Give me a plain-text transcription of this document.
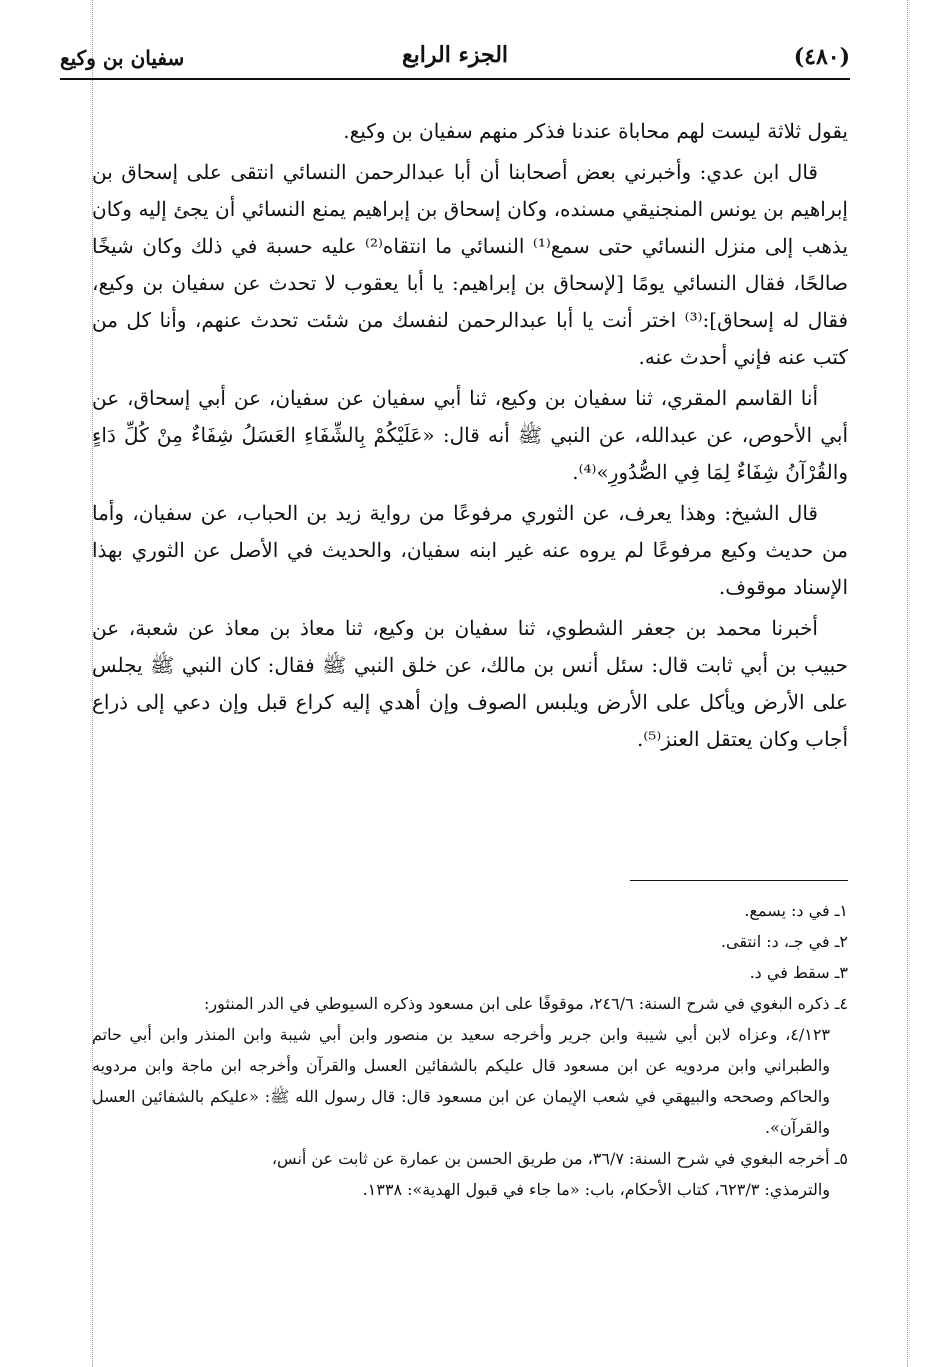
(٤٨٠)
الجزء الرابع
سفيان بن وكيع

يقول ثلاثة ليست لهم محاباة عندنا فذكر منهم سفيان بن وكيع.

قال ابن عدي: وأخبرني بعض أصحابنا أن أبا عبدالرحمن النسائي انتقى على إسحاق بن إبراهيم بن يونس المنجنيقي مسنده، وكان إسحاق بن إبراهيم يمنع النسائي أن يجئ إليه وكان يذهب إلى منزل النسائي حتى سمع⁽¹⁾ النسائي ما انتقاه⁽²⁾ عليه حسبة في ذلك وكان شيخًا صالحًا، فقال النسائي يومًا [لإسحاق بن إبراهيم: يا أبا يعقوب لا تحدث عن سفيان بن وكيع، فقال له إسحاق]:⁽³⁾ اختر أنت يا أبا عبدالرحمن لنفسك من شئت تحدث عنهم، وأنا كل من كتب عنه فإني أحدث عنه.

أنا القاسم المقري، ثنا سفيان بن وكيع، ثنا أبي سفيان عن سفيان، عن أبي إسحاق، عن أبي الأحوص، عن عبدالله، عن النبي ﷺ أنه قال: «عَلَيْكُمْ بِالشِّفَاءِ العَسَلُ شِفَاءٌ مِنْ كُلِّ دَاءٍ والقُرْآنُ شِفَاءٌ لِمَا فِي الصُّدُورِ»⁽⁴⁾.

قال الشيخ: وهذا يعرف، عن الثوري مرفوعًا من رواية زيد بن الحباب، عن سفيان، وأما من حديث وكيع مرفوعًا لم يروه عنه غير ابنه سفيان، والحديث في الأصل عن الثوري بهذا الإسناد موقوف.

أخبرنا محمد بن جعفر الشطوي، ثنا سفيان بن وكيع، ثنا معاذ بن معاذ عن شعبة، عن حبيب بن أبي ثابت قال: سئل أنس بن مالك، عن خلق النبي ﷺ فقال: كان النبي ﷺ يجلس على الأرض ويأكل على الأرض ويلبس الصوف وإن أهدي إليه كراع قبل وإن دعي إلى ذراع أجاب وكان يعتقل العنز⁽⁵⁾.

١ـ في د: يسمع.

٢ـ في جـ، د: انتقى.

٣ـ سقط في د.

٤ـ ذكره البغوي في شرح السنة: ٢٤٦/٦، موقوفًا على ابن مسعود وذكره السيوطي في الدر المنثور:

٤/١٢٣، وعزاه لابن أبي شيبة وابن جرير وأخرجه سعيد بن منصور وابن أبي شيبة وابن المنذر وابن أبي حاتم والطبراني وابن مردويه عن ابن مسعود قال عليكم بالشفائين العسل والقرآن وأخرجه ابن ماجة وابن مردويه والحاكم وصححه والبيهقي في شعب الإيمان عن ابن مسعود قال: قال رسول الله ﷺ: «عليكم بالشفائين العسل والقرآن».

٥ـ أخرجه البغوي في شرح السنة: ٣٦/٧، من طريق الحسن بن عمارة عن ثابت عن أنس،

والترمذي: ٦٢٣/٣، كتاب الأحكام، باب: «ما جاء في قبول الهدية»: ١٣٣٨.
